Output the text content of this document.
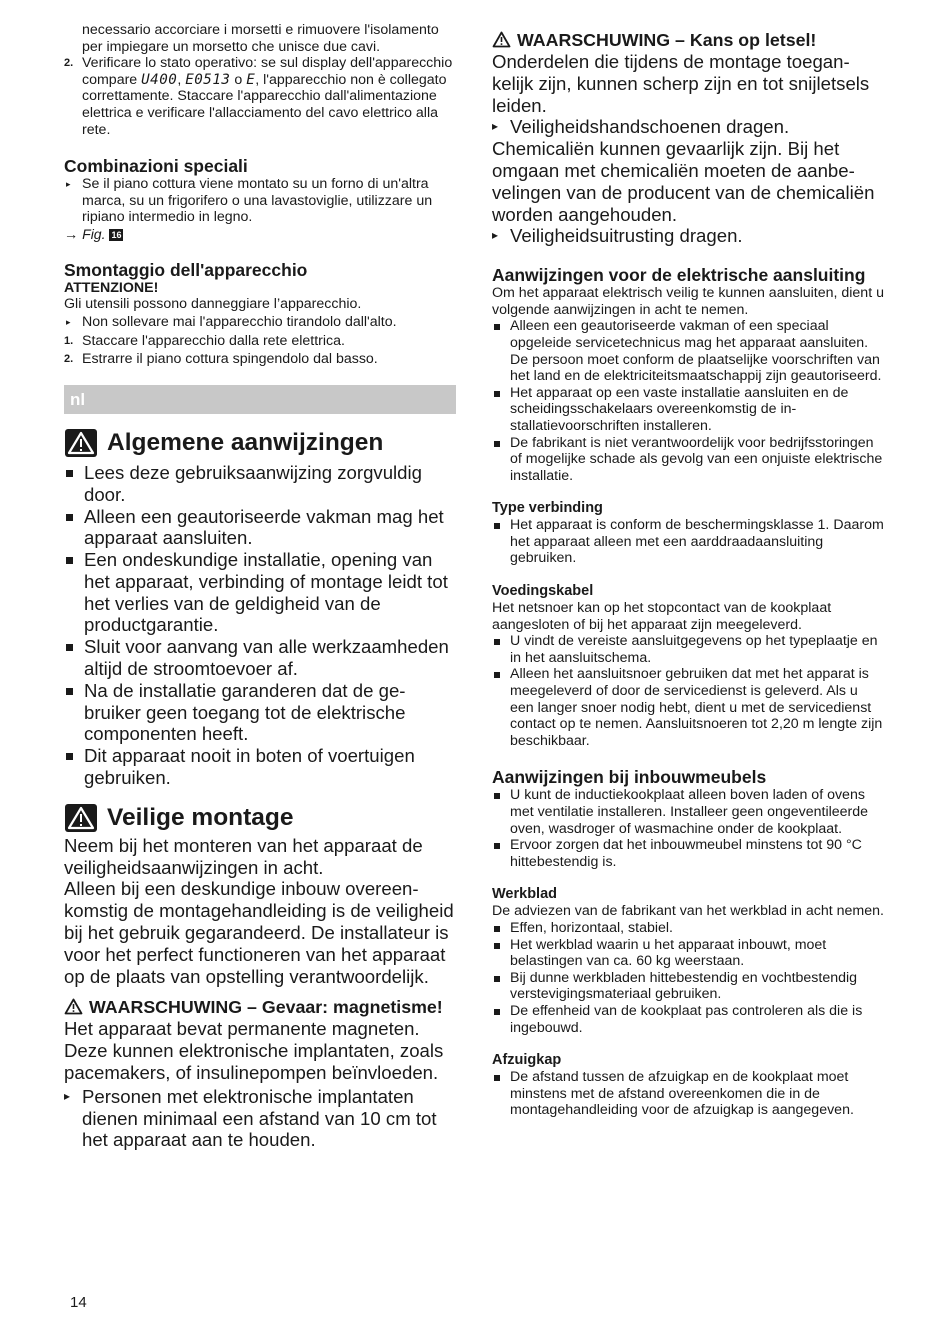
necessario accorciare i morsetti e rimuovere l'isolamento per impiegare un morsetto che unisce due cavi.

2. Verificare lo stato operativo: se sul display dell'apparecchio compare U400, E0513 o E, l'apparecchio non è collegato correttamente. Staccare l'apparecchio dall'alimentazione elettrica e verificare l'allacciamento del cavo elettrico alla rete.
Combinazioni speciali
▸ Se il piano cottura viene montato su un forno di un'altra marca, su un frigorifero o una lavastoviglie, utilizzare un ripiano intermedio in legno.
→ Fig. 16
Smontaggio dell'apparecchio

ATTENZIONE!

Gli utensili possono danneggiare l’apparecchio.

▸ Non sollevare mai l'apparecchio tirandolo dall'alto.
1. Staccare l'apparecchio dalla rete elettrica.
2. Estrarre il piano cottura spingendolo dal basso.
nl
Algemene aanwijzingen
Lees deze gebruiksaanwijzing zorgvuldig door.
Alleen een geautoriseerde vakman mag het apparaat aansluiten.
Een ondeskundige installatie, opening van het apparaat, verbinding of montage leidt tot het verlies van de geldigheid van de productgarantie.
Sluit voor aanvang van alle werkzaamheden altijd de stroomtoevoer af.
Na de installatie garanderen dat de gebruiker geen toegang tot de elektrische componenten heeft.
Dit apparaat nooit in boten of voertuigen gebruiken.
Veilige montage

Neem bij het monteren van het apparaat de veiligheidsaanwijzingen in acht.

Alleen bij een deskundige inbouw overeenkomstig de montagehandleiding is de veiligheid bij het gebruik gegarandeerd. De installateur is voor het perfect functioneren van het apparaat op de plaats van opstelling verantwoordelijk.

WAARSCHUWING – Gevaar: magnetisme!

Het apparaat bevat permanente magneten. Deze kunnen elektronische implantaten, zoals pacemakers, of insulinepompen beïnvloeden.

▸ Personen met elektronische implantaten dienen minimaal een afstand van 10 cm tot het apparaat aan te houden.

WAARSCHUWING – Kans op letsel!

Onderdelen die tijdens de montage toegankelijk zijn, kunnen scherp zijn en tot snijletsels leiden.

▸ Veiligheidshandschoenen dragen.

Chemicaliën kunnen gevaarlijk zijn. Bij het omgaan met chemicaliën moeten de aanbevelingen van de producent van de chemicaliën worden aangehouden.

▸ Veiligheidsuitrusting dragen.
Aanwijzingen voor de elektrische aansluiting

Om het apparaat elektrisch veilig te kunnen aansluiten, dient u volgende aanwijzingen in acht te nemen.

Alleen een geautoriseerde vakman of een speciaal opgeleide servicetechnicus mag het apparaat aansluiten. De persoon moet conform de plaatselijke voorschriften van het land en de elektriciteitsmaatschappij zijn geautoriseerd.
Het apparaat op een vaste installatie aansluiten en de scheidingsschakelaars overeenkomstig de installatievoorschriften installeren.
De fabrikant is niet verantwoordelijk voor bedrijfsstoringen of mogelijke schade als gevolg van een onjuiste elektrische installatie.
Type verbinding
Het apparaat is conform de beschermingsklasse 1. Daarom het apparaat alleen met een aarddraadaansluiting gebruiken.
Voedingskabel

Het netsnoer kan op het stopcontact van de kookplaat aangesloten of bij het apparaat zijn meegeleverd.

U vindt de vereiste aansluitgegevens op het typeplaatje en in het aansluitschema.
Alleen het aansluitsnoer gebruiken dat met het apparat is meegeleverd of door de servicedienst is geleverd. Als u een langer snoer nodig hebt, dient u met de servicedienst contact op te nemen. Aansluitsnoeren tot 2,20 m lengte zijn beschikbaar.
Aanwijzingen bij inbouwmeubels
U kunt de inductiekookplaat alleen boven laden of ovens met ventilatie installeren. Installeer geen ongeventileerde oven, wasdroger of wasmachine onder de kookplaat.
Ervoor zorgen dat het inbouwmeubel minstens tot 90 °C hittebestendig is.
Werkblad

De adviezen van de fabrikant van het werkblad in acht nemen.

Effen, horizontaal, stabiel.
Het werkblad waarin u het apparaat inbouwt, moet belastingen van ca. 60 kg weerstaan.
Bij dunne werkbladen hittebestendig en vochtbestendig verstevigingsmateriaal gebruiken.
De effenheid van de kookplaat pas controleren als die is ingebouwd.
Afzuigkap
De afstand tussen de afzuigkap en de kookplaat moet minstens met de afstand overeenkomen die in de montagehandleiding voor de afzuigkap is aangegeven.
14
